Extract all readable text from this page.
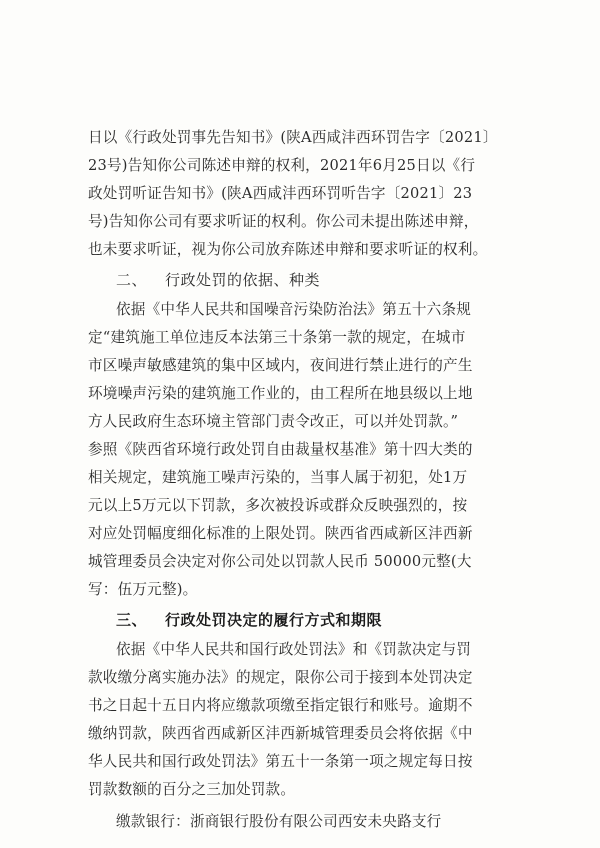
日以《行政处罚事先告知书》(陕A西咸沣西环罚告字〔2021〕
23号)告知你公司陈述申辩的权利，2021年6月25日以《行
政处罚听证告知书》(陕A西咸沣西环罚听告字〔2021〕23
号)告知你公司有要求听证的权利。你公司未提出陈述申辩，
也未要求听证，视为你公司放弃陈述申辩和要求听证的权利。
二、 行政处罚的依据、种类
依据《中华人民共和国噪音污染防治法》第五十六条规
定“建筑施工单位违反本法第三十条第一款的规定，在城市
市区噪声敏感建筑的集中区域内，夜间进行禁止进行的产生
环境噪声污染的建筑施工作业的，由工程所在地县级以上地
方人民政府生态环境主管部门责令改正，可以并处罚款。”
参照《陕西省环境行政处罚自由裁量权基准》第十四大类的
相关规定，建筑施工噪声污染的，当事人属于初犯，处1万
元以上5万元以下罚款，多次被投诉或群众反映强烈的，按
对应处罚幅度细化标准的上限处罚。陕西省西咸新区沣西新
城管理委员会决定对你公司处以罚款人民币 50000元整(大
写：伍万元整)。
三、 行政处罚决定的履行方式和期限
依据《中华人民共和国行政处罚法》和《罚款决定与罚
款收缴分离实施办法》的规定，限你公司于接到本处罚决定
书之日起十五日内将应缴款项缴至指定银行和账号。逾期不
缴纳罚款，陕西省西咸新区沣西新城管理委员会将依据《中
华人民共和国行政处罚法》第五十一条第一项之规定每日按
罚款数额的百分之三加处罚款。
缴款银行：浙商银行股份有限公司西安未央路支行
